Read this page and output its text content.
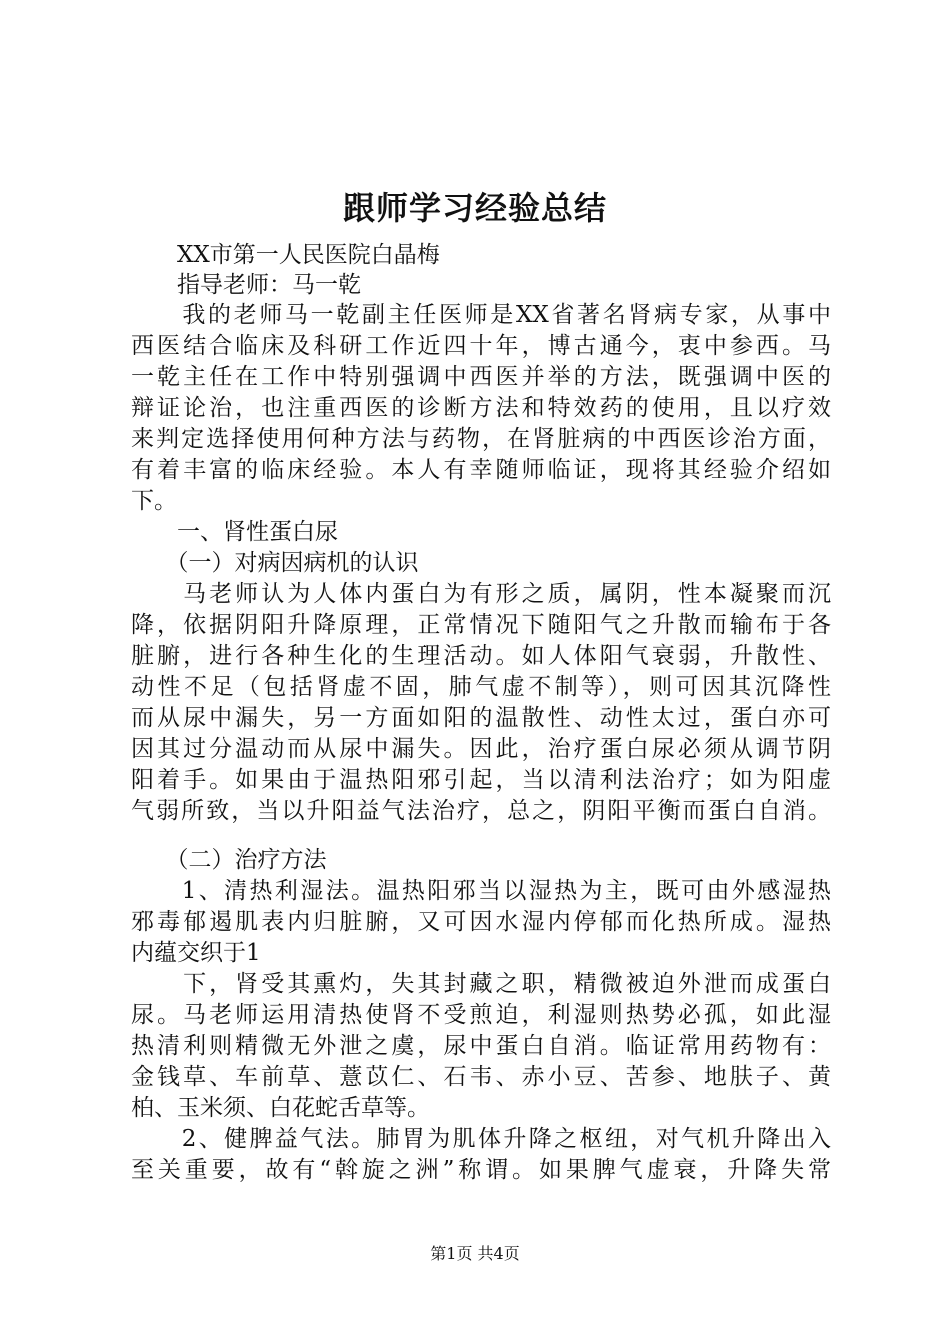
跟师学习经验总结
　　XX市第一人民医院白晶梅
　　指导老师：马一乾
　　我的老师马一乾副主任医师是XX省著名肾病专家，从事中
西医结合临床及科研工作近四十年，博古通今，衷中参西。马
一乾主任在工作中特别强调中西医并举的方法，既强调中医的
辩证论治，也注重西医的诊断方法和特效药的使用，且以疗效
来判定选择使用何种方法与药物，在肾脏病的中西医诊治方面，
有着丰富的临床经验。本人有幸随师临证，现将其经验介绍如
下。
　　一、肾性蛋白尿
　　（一）对病因病机的认识
　　马老师认为人体内蛋白为有形之质，属阴，性本凝聚而沉
降，依据阴阳升降原理，正常情况下随阳气之升散而输布于各
脏腑，进行各种生化的生理活动。如人体阳气衰弱，升散性、
动性不足（包括肾虚不固，肺气虚不制等），则可因其沉降性
而从尿中漏失，另一方面如阳的温散性、动性太过，蛋白亦可
因其过分温动而从尿中漏失。因此，治疗蛋白尿必须从调节阴
阳着手。如果由于温热阳邪引起，当以清利法治疗；如为阳虚
气弱所致，当以升阳益气法治疗，总之，阴阳平衡而蛋白自消。
　　（二）治疗方法
　　1、清热利湿法。温热阳邪当以湿热为主，既可由外感湿热
邪毒郁遏肌表内归脏腑，又可因水湿内停郁而化热所成。湿热
内蕴交织于1
　　下，肾受其熏灼，失其封藏之职，精微被迫外泄而成蛋白
尿。马老师运用清热使肾不受煎迫，利湿则热势必孤，如此湿
热清利则精微无外泄之虞，尿中蛋白自消。临证常用药物有：
金钱草、车前草、薏苡仁、石韦、赤小豆、苦参、地肤子、黄
柏、玉米须、白花蛇舌草等。
　　2、健脾益气法。肺胃为肌体升降之枢纽，对气机升降出入
至关重要，故有“斡旋之洲”称谓。如果脾气虚衰，升降失常
第1页 共4页
